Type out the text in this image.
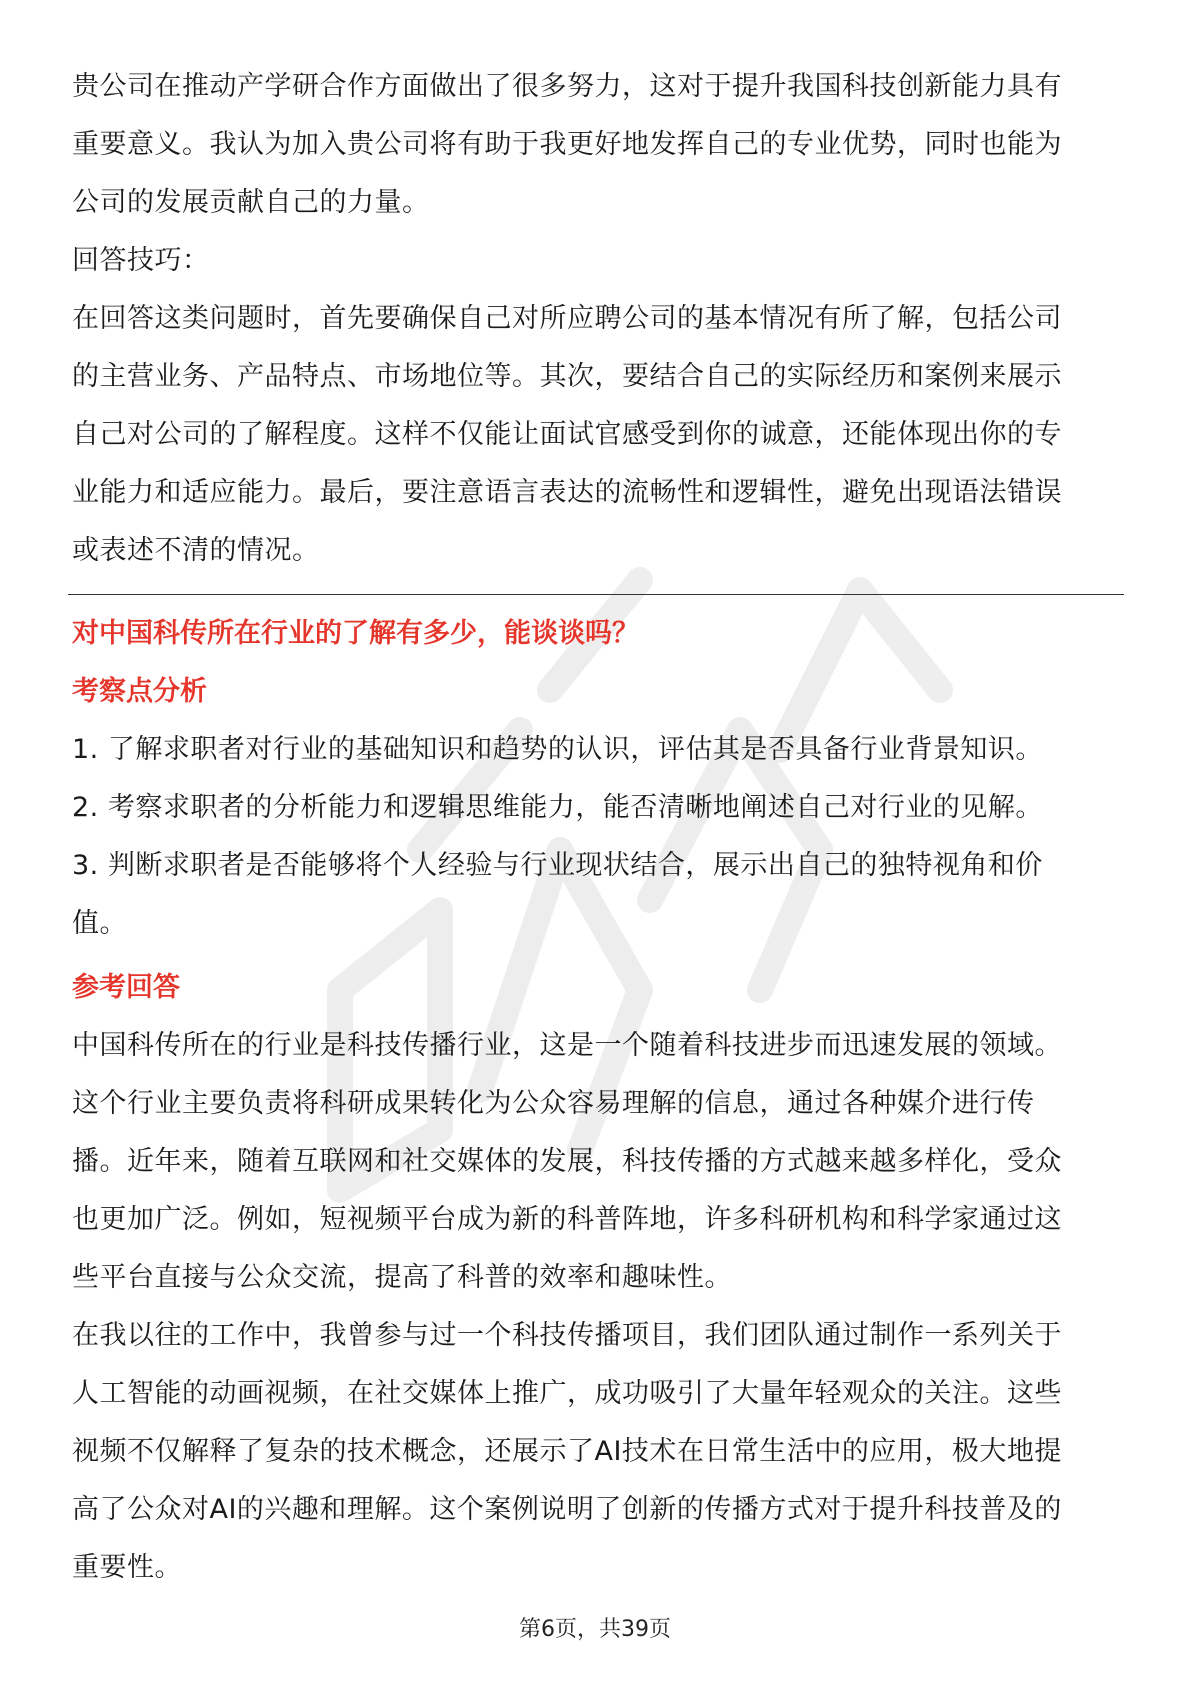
贵公司在推动产学研合作方面做出了很多努力，这对于提升我国科技创新能力具有
重要意义。我认为加入贵公司将有助于我更好地发挥自己的专业优势，同时也能为
公司的发展贡献自己的力量。
回答技巧：
在回答这类问题时，首先要确保自己对所应聘公司的基本情况有所了解，包括公司
的主营业务、产品特点、市场地位等。其次，要结合自己的实际经历和案例来展示
自己对公司的了解程度。这样不仅能让面试官感受到你的诚意，还能体现出你的专
业能力和适应能力。最后，要注意语言表达的流畅性和逻辑性，避免出现语法错误
或表述不清的情况。
对中国科传所在行业的了解有多少，能谈谈吗？
考察点分析
1. 了解求职者对行业的基础知识和趋势的认识，评估其是否具备行业背景知识。
2. 考察求职者的分析能力和逻辑思维能力，能否清晰地阐述自己对行业的见解。
3. 判断求职者是否能够将个人经验与行业现状结合，展示出自己的独特视角和价
值。
参考回答
中国科传所在的行业是科技传播行业，这是一个随着科技进步而迅速发展的领域。
这个行业主要负责将科研成果转化为公众容易理解的信息，通过各种媒介进行传
播。近年来，随着互联网和社交媒体的发展，科技传播的方式越来越多样化，受众
也更加广泛。例如，短视频平台成为新的科普阵地，许多科研机构和科学家通过这
些平台直接与公众交流，提高了科普的效率和趣味性。
在我以往的工作中，我曾参与过一个科技传播项目，我们团队通过制作一系列关于
人工智能的动画视频，在社交媒体上推广，成功吸引了大量年轻观众的关注。这些
视频不仅解释了复杂的技术概念，还展示了AI技术在日常生活中的应用，极大地提
高了公众对AI的兴趣和理解。这个案例说明了创新的传播方式对于提升科技普及的
重要性。
第6页，共39页
